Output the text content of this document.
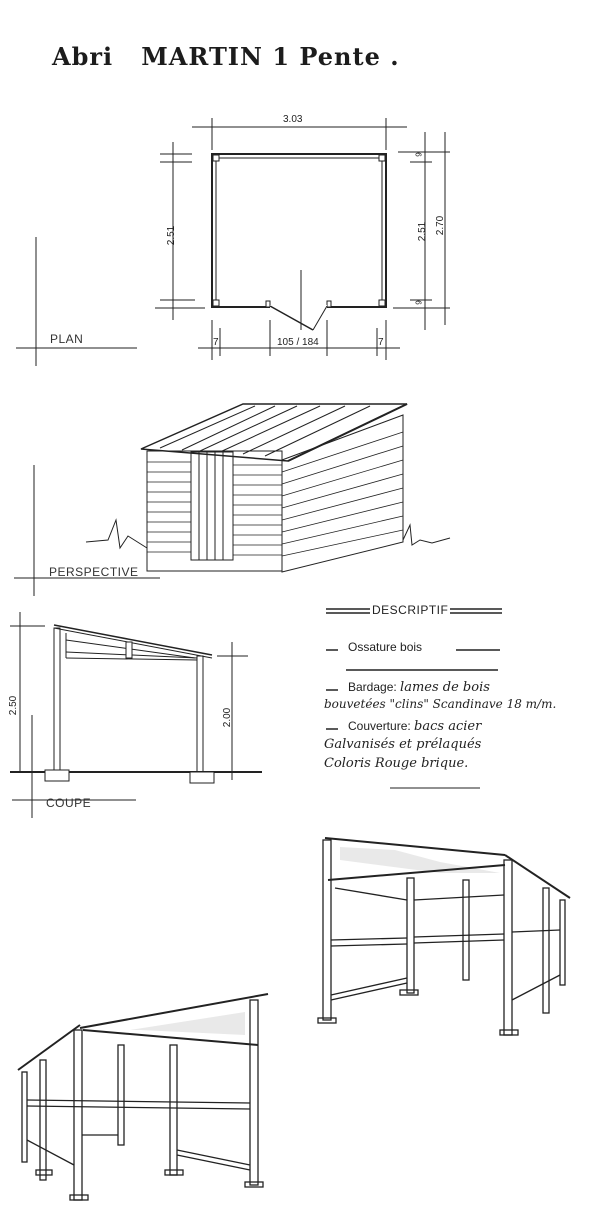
Abri   MARTIN 1 Pente .
PLAN
3.03
2.51	2.51 2.70
9
9
7	7
105 / 184
PERSPECTIVE
COUPE
2.50
2.00
DESCRIPTIF
Ossature bois
Bardage: lames de bois
bouvetées "clins" Scandinave 18 m/m.
Couverture: bacs acier
Galvanisés et prélaqués
Coloris Rouge brique.
